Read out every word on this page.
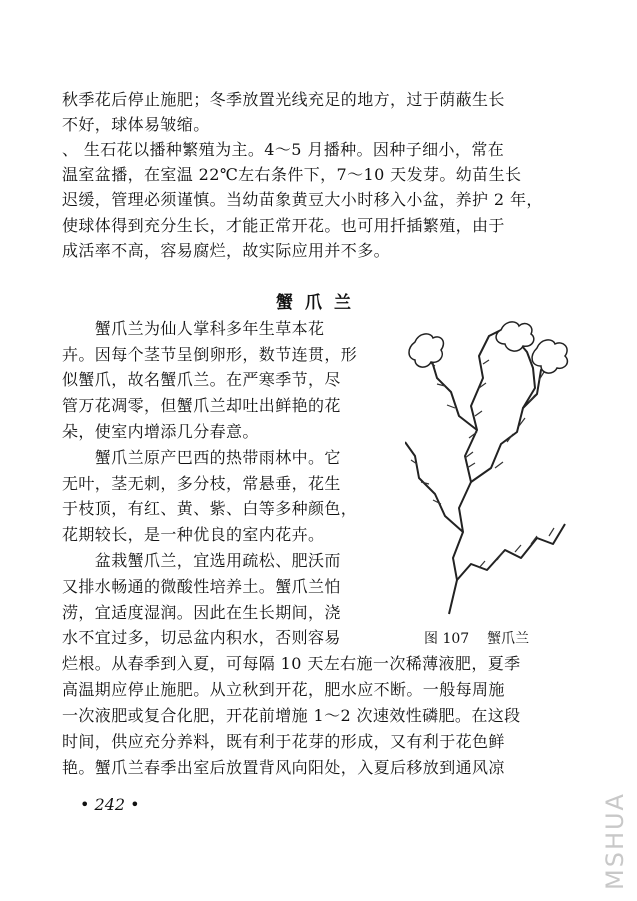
秋季花后停止施肥；冬季放置光线充足的地方，过于荫蔽生长
不好，球体易皱缩。
、 生石花以播种繁殖为主。4～5 月播种。因种子细小，常在
温室盆播，在室温 22℃左右条件下，7～10 天发芽。幼苗生长
迟缓，管理必须谨慎。当幼苗象黄豆大小时移入小盆，养护 2 年，
使球体得到充分生长，才能正常开花。也可用扦插繁殖，由于
成活率不高，容易腐烂，故实际应用并不多。
蟹爪兰
　　蟹爪兰为仙人掌科多年生草本花
卉。因每个茎节呈倒卵形，数节连贯，形
似蟹爪，故名蟹爪兰。在严寒季节，尽
管万花凋零，但蟹爪兰却吐出鲜艳的花
朵，使室内增添几分春意。
　　蟹爪兰原产巴西的热带雨林中。它
无叶，茎无刺，多分枝，常悬垂，花生
于枝顶，有红、黄、紫、白等多种颜色，
花期较长，是一种优良的室内花卉。
　　盆栽蟹爪兰，宜选用疏松、肥沃而
又排水畅通的微酸性培养土。蟹爪兰怕
涝，宜适度湿润。因此在生长期间，浇
水不宜过多，切忌盆内积水，否则容易
烂根。从春季到入夏，可每隔 10 天左右施一次稀薄液肥，夏季
高温期应停止施肥。从立秋到开花，肥水应不断。一般每周施
一次液肥或复合化肥，开花前增施 1～2 次速效性磷肥。在这段
时间，供应充分养料，既有利于花芽的形成，又有利于花色鲜
艳。蟹爪兰春季出室后放置背风向阳处，入夏后移放到通风凉
图 107 蟹爪兰
• 242 •	MSHUA
